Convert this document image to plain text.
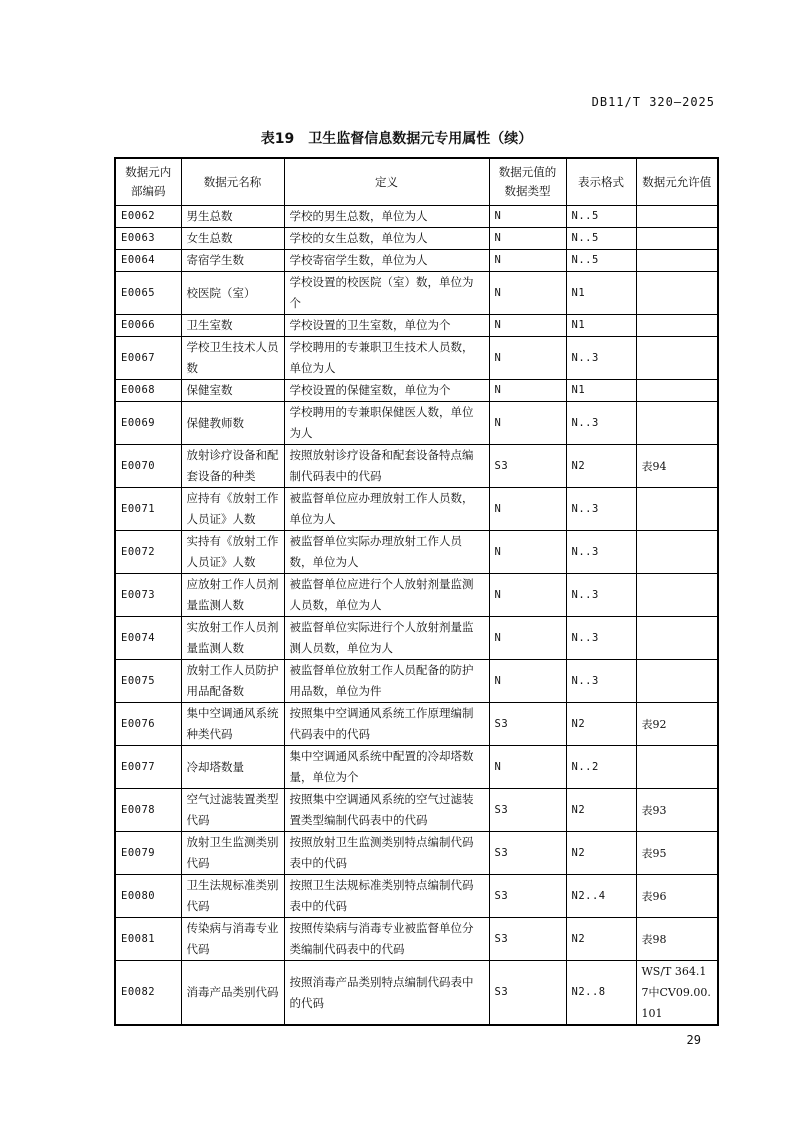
DB11/T 320—2025
表19　卫生监督信息数据元专用属性（续）
数据元内部编码	数据元名称	定义	数据元值的数据类型	表示格式	数据元允许值
E0062	男生总数	学校的男生总数，单位为人	N	N..5	
E0063	女生总数	学校的女生总数，单位为人	N	N..5	
E0064	寄宿学生数	学校寄宿学生数，单位为人	N	N..5	
E0065	校医院（室）	学校设置的校医院（室）数，单位为个	N	N1	
E0066	卫生室数	学校设置的卫生室数，单位为个	N	N1	
E0067	学校卫生技术人员数	学校聘用的专兼职卫生技术人员数，单位为人	N	N..3	
E0068	保健室数	学校设置的保健室数，单位为个	N	N1	
E0069	保健教师数	学校聘用的专兼职保健医人数，单位为人	N	N..3	
E0070	放射诊疗设备和配套设备的种类	按照放射诊疗设备和配套设备特点编制代码表中的代码	S3	N2	表94
E0071	应持有《放射工作人员证》人数	被监督单位应办理放射工作人员数，单位为人	N	N..3	
E0072	实持有《放射工作人员证》人数	被监督单位实际办理放射工作人员数，单位为人	N	N..3	
E0073	应放射工作人员剂量监测人数	被监督单位应进行个人放射剂量监测人员数，单位为人	N	N..3	
E0074	实放射工作人员剂量监测人数	被监督单位实际进行个人放射剂量监测人员数，单位为人	N	N..3	
E0075	放射工作人员防护用品配备数	被监督单位放射工作人员配备的防护用品数，单位为件	N	N..3	
E0076	集中空调通风系统种类代码	按照集中空调通风系统工作原理编制代码表中的代码	S3	N2	表92
E0077	冷却塔数量	集中空调通风系统中配置的冷却塔数量，单位为个	N	N..2	
E0078	空气过滤装置类型代码	按照集中空调通风系统的空气过滤装置类型编制代码表中的代码	S3	N2	表93
E0079	放射卫生监测类别代码	按照放射卫生监测类别特点编制代码表中的代码	S3	N2	表95
E0080	卫生法规标准类别代码	按照卫生法规标准类别特点编制代码表中的代码	S3	N2..4	表96
E0081	传染病与消毒专业代码	按照传染病与消毒专业被监督单位分类编制代码表中的代码	S3	N2	表98
E0082	消毒产品类别代码	按照消毒产品类别特点编制代码表中的代码	S3	N2..8	WS/T 364.17中CV09.00.101
29
